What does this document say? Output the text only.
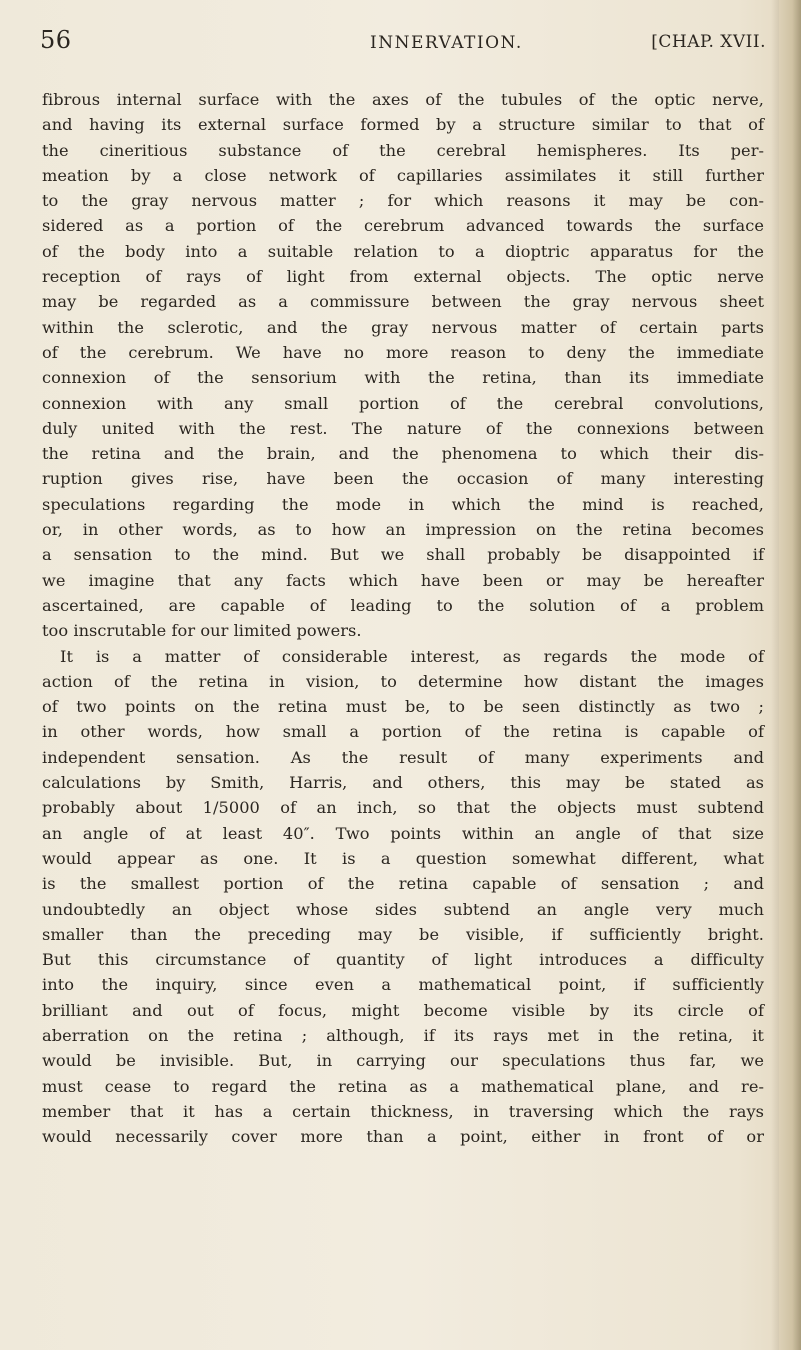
56	INNERVATION.	[CHAP. XVII.
fibrous internal surface with the axes of the tubules of the optic nerve,
and having its external surface formed by a structure similar to that of
the cineritious substance of the cerebral hemispheres. Its per-
meation by a close network of capillaries assimilates it still further
to the gray nervous matter ; for which reasons it may be con-
sidered as a portion of the cerebrum advanced towards the surface
of the body into a suitable relation to a dioptric apparatus for the
reception of rays of light from external objects. The optic nerve
may be regarded as a commissure between the gray nervous sheet
within the sclerotic, and the gray nervous matter of certain parts
of the cerebrum. We have no more reason to deny the immediate
connexion of the sensorium with the retina, than its immediate
connexion with any small portion of the cerebral convolutions,
duly united with the rest. The nature of the connexions between
the retina and the brain, and the phenomena to which their dis-
ruption gives rise, have been the occasion of many interesting
speculations regarding the mode in which the mind is reached,
or, in other words, as to how an impression on the retina becomes
a sensation to the mind. But we shall probably be disappointed if
we imagine that any facts which have been or may be hereafter
ascertained, are capable of leading to the solution of a problem
too inscrutable for our limited powers.
It is a matter of considerable interest, as regards the mode of
action of the retina in vision, to determine how distant the images
of two points on the retina must be, to be seen distinctly as two ;
in other words, how small a portion of the retina is capable of
independent sensation. As the result of many experiments and
calculations by Smith, Harris, and others, this may be stated as
probably about 1/5000 of an inch, so that the objects must subtend
an angle of at least 40″. Two points within an angle of that size
would appear as one. It is a question somewhat different, what
is the smallest portion of the retina capable of sensation ; and
undoubtedly an object whose sides subtend an angle very much
smaller than the preceding may be visible, if sufficiently bright.
But this circumstance of quantity of light introduces a difficulty
into the inquiry, since even a mathematical point, if sufficiently
brilliant and out of focus, might become visible by its circle of
aberration on the retina ; although, if its rays met in the retina, it
would be invisible. But, in carrying our speculations thus far, we
must cease to regard the retina as a mathematical plane, and re-
member that it has a certain thickness, in traversing which the rays
would necessarily cover more than a point, either in front of or
